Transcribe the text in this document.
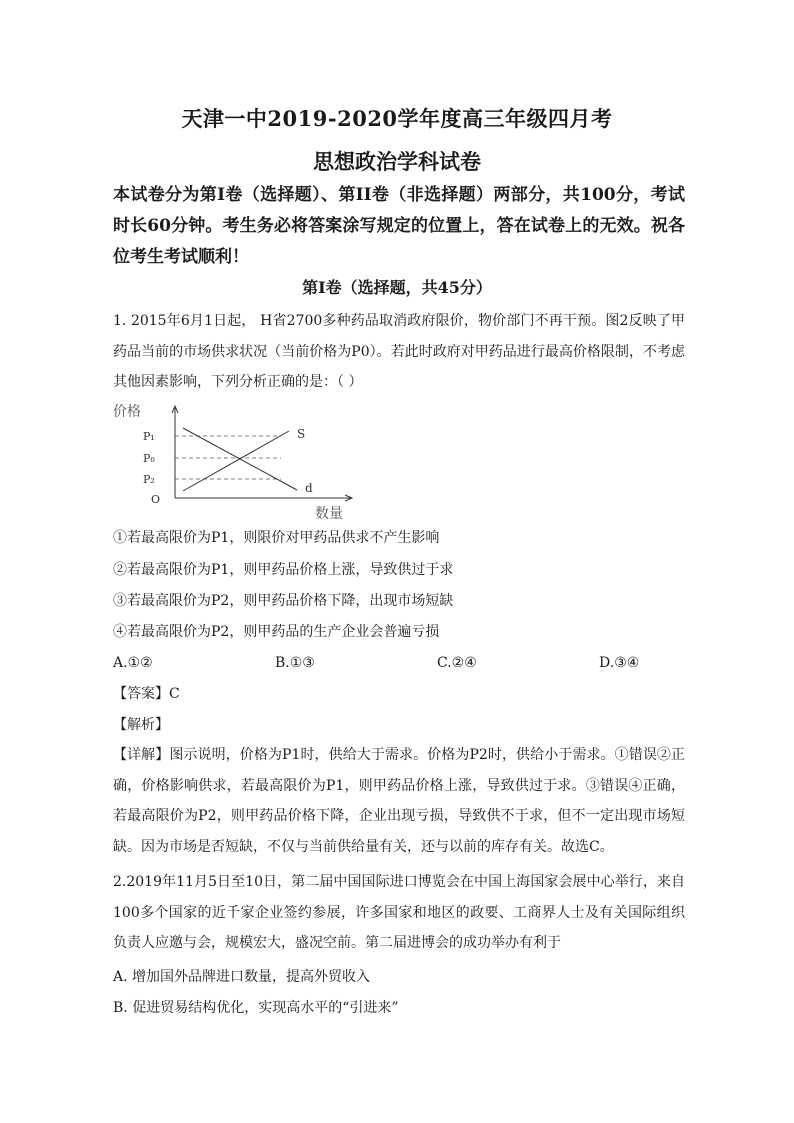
天津一中2019-2020学年度高三年级四月考
思想政治学科试卷
本试卷分为第Ⅰ卷（选择题）、第II卷（非选择题）两部分，共100分，考试时长60分钟。考生务必将答案涂写规定的位置上，答在试卷上的无效。祝各位考生考试顺利！
第Ⅰ卷（选择题，共45分）
1. 2015年6月1日起， H省2700多种药品取消政府限价，物价部门不再干预。图2反映了甲药品当前的市场供求状况（当前价格为P0）。若此时政府对甲药品进行最高价格限制，不考虑其他因素影响，下列分析正确的是：（ ）
价格
数量
O
P₁
P₀
P₂
S
d
①若最高限价为P1，则限价对甲药品供求不产生影响
②若最高限价为P1，则甲药品价格上涨，导致供过于求
③若最高限价为P2，则甲药品价格下降，出现市场短缺
④若最高限价为P2，则甲药品的生产企业会普遍亏损
A.①②	B.①③	C.②④	D.③④
【答案】C
【解析】
【详解】图示说明，价格为P1时，供给大于需求。价格为P2时，供给小于需求。①错误②正确，价格影响供求，若最高限价为P1，则甲药品价格上涨，导致供过于求。③错误④正确，若最高限价为P2，则甲药品价格下降，企业出现亏损，导致供不于求，但不一定出现市场短缺。因为市场是否短缺，不仅与当前供给量有关，还与以前的库存有关。故选C。
2.2019年11月5日至10日，第二届中国国际进口博览会在中国上海国家会展中心举行，来自100多个国家的近千家企业签约参展，许多国家和地区的政要、工商界人士及有关国际组织负责人应邀与会，规模宏大，盛况空前。第二届进博会的成功举办有利于
A. 增加国外品牌进口数量，提高外贸收入
B. 促进贸易结构优化，实现高水平的“引进来”
